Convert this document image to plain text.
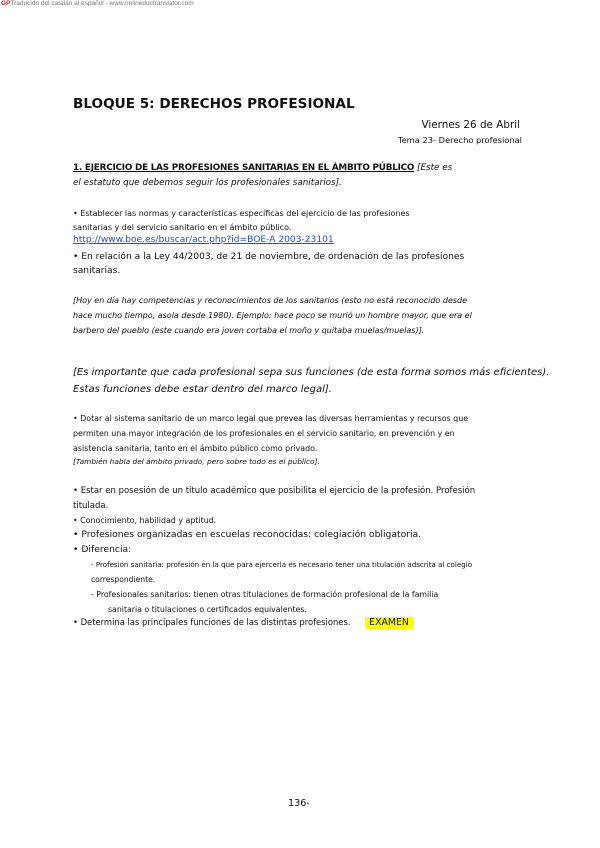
GPTraducido del catalán al español - www.onlinedoctranslator.com
BLOQUE 5: DERECHOS PROFESIONAL
Viernes 26 de Abril
Tema 23- Derecho profesional
1. EJERCICIO DE LAS PROFESIONES SANITARIAS EN EL ÁMBITO PÚBLICO [Este es
el estatuto que debemos seguir los profesionales sanitarios].
• Establecer las normas y características específicas del ejercicio de las profesiones
sanitarias y del servicio sanitario en el ámbito público.
http://www.boe.es/buscar/act.php?id=BOE-A 2003-23101
• En relación a la Ley 44/2003, de 21 de noviembre, de ordenación de las profesiones
sanitarias.
[Hoy en día hay competencias y reconocimientos de los sanitarios (esto no está reconocido desde
hace mucho tiempo, asola desde 1980). Ejemplo: hace poco se murió un hombre mayor, que era el
barbero del pueblo (este cuando era joven cortaba el moño y quitaba muelas/muelas)].
[Es importante que cada profesional sepa sus funciones (de esta forma somos más eficientes).
Estas funciones debe estar dentro del marco legal].
• Dotar al sistema sanitario de un marco legal que prevea las diversas herramientas y recursos que
permiten una mayor integración de los profesionales en el servicio sanitario, en prevención y en
asistencia sanitaria, tanto en el ámbito público como privado.
[También habla del ámbito privado, pero sobre todo es el público].
• Estar en posesión de un título académico que posibilita el ejercicio de la profesión. Profesión
titulada.
• Conocimiento, habilidad y aptitud.
• Profesiones organizadas en escuelas reconocidas: colegiación obligatoria.
• Diferencia:
- Profesión sanitaria: profesión en la que para ejercerla es necesario tener una titulación adscrita al colegio
correspondiente.
- Profesionales sanitarios: tienen otras titulaciones de formación profesional de la familia
sanitaria o titulaciones o certificados equivalentes.
• Determina las principales funciones de las distintas profesiones. EXAMEN
136-
